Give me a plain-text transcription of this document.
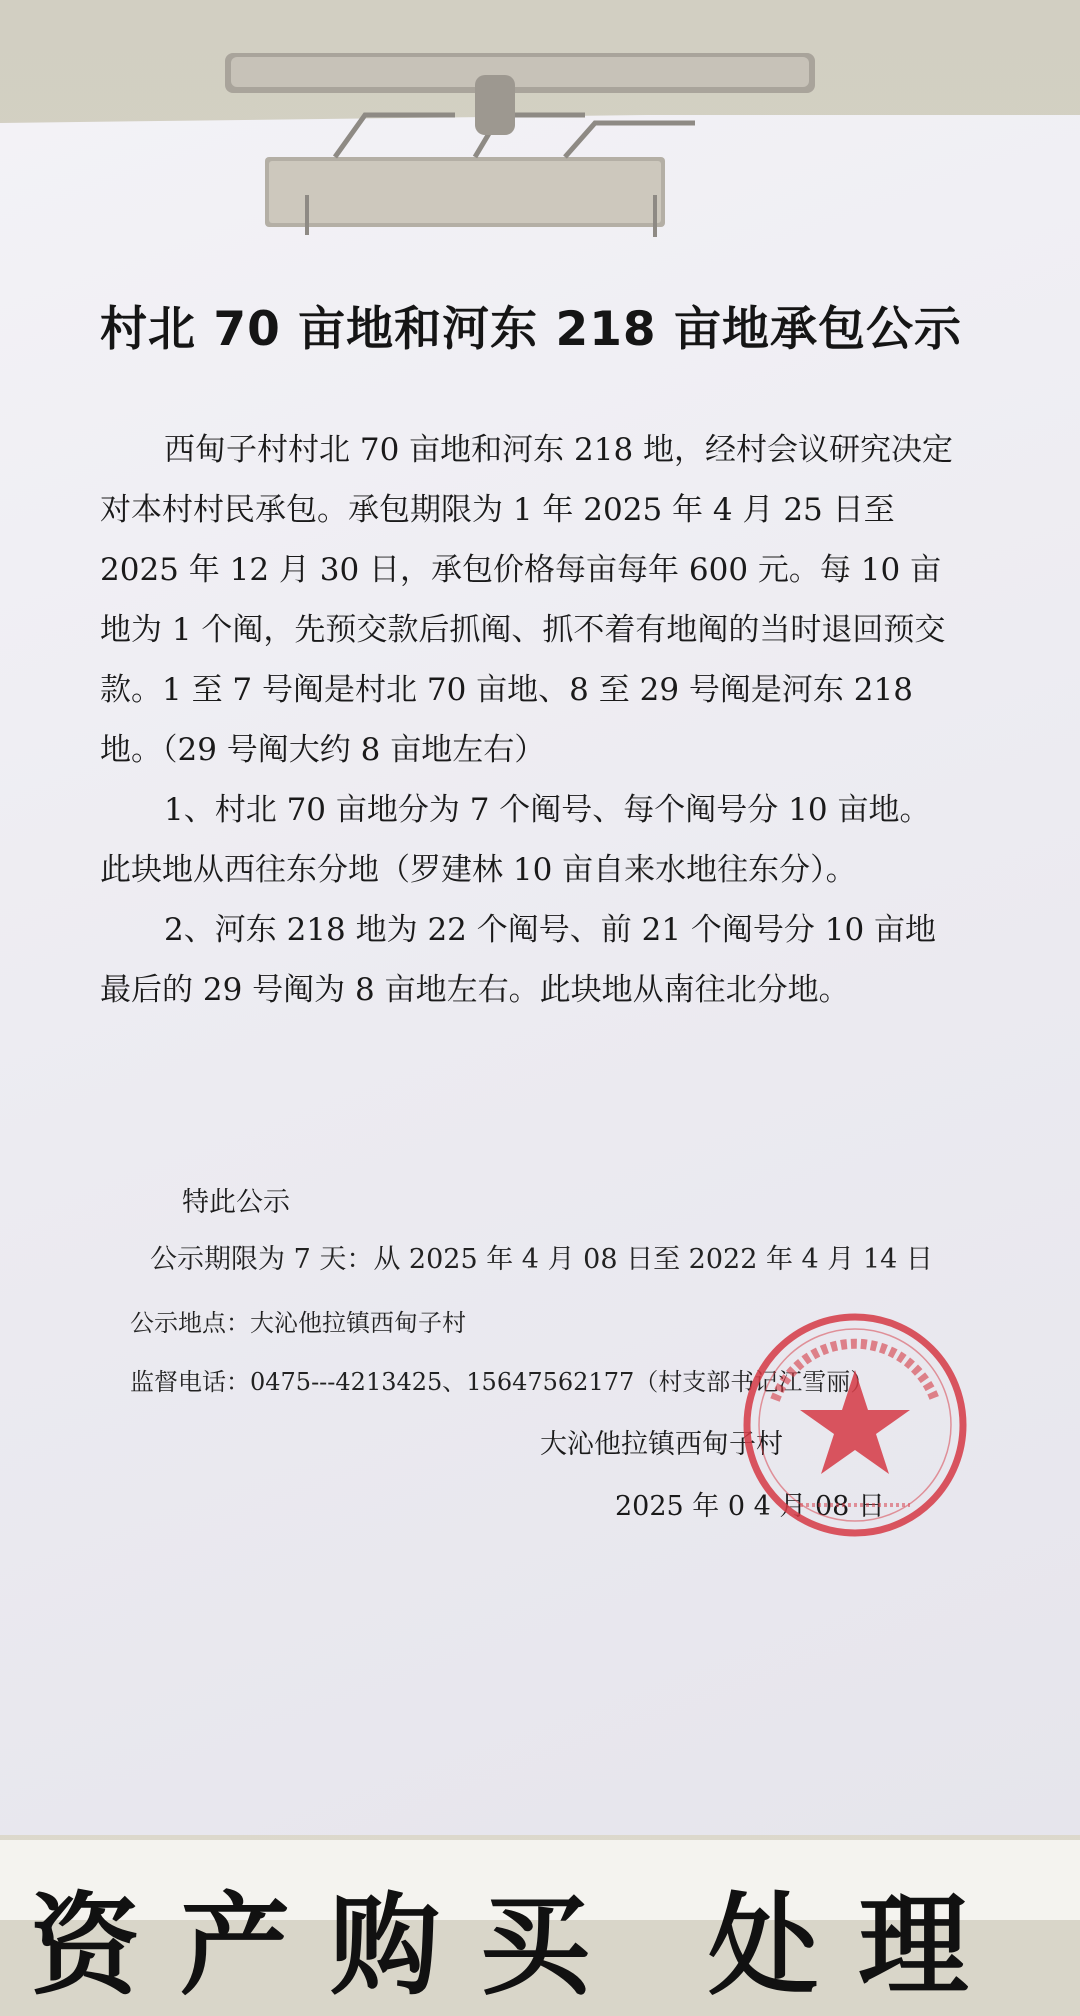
村北 70 亩地和河东 218 亩地承包公示

西甸子村村北 70 亩地和河东 218 地，经村会议研究决定对本村村民承包。承包期限为 1 年 2025 年 4 月 25 日至 2025 年 12 月 30 日，承包价格每亩每年 600 元。每 10 亩地为 1 个阄，先预交款后抓阄、抓不着有地阄的当时退回预交款。1 至 7 号阄是村北 70 亩地、8 至 29 号阄是河东 218 地。（29 号阄大约 8 亩地左右）

1、村北 70 亩地分为 7 个阄号、每个阄号分 10 亩地。此块地从西往东分地（罗建林 10 亩自来水地往东分）。

2、河东 218 地为 22 个阄号、前 21 个阄号分 10 亩地最后的 29 号阄为 8 亩地左右。此块地从南往北分地。

特此公示
公示期限为 7 天：从 2025 年 4 月 08 日至 2022 年 4 月 14 日
公示地点：大沁他拉镇西甸子村
监督电话：0475---4213425、15647562177（村支部书记江雪丽）
大沁他拉镇西甸子村
2025 年 0 4 月 08 日
资产购买 处理
